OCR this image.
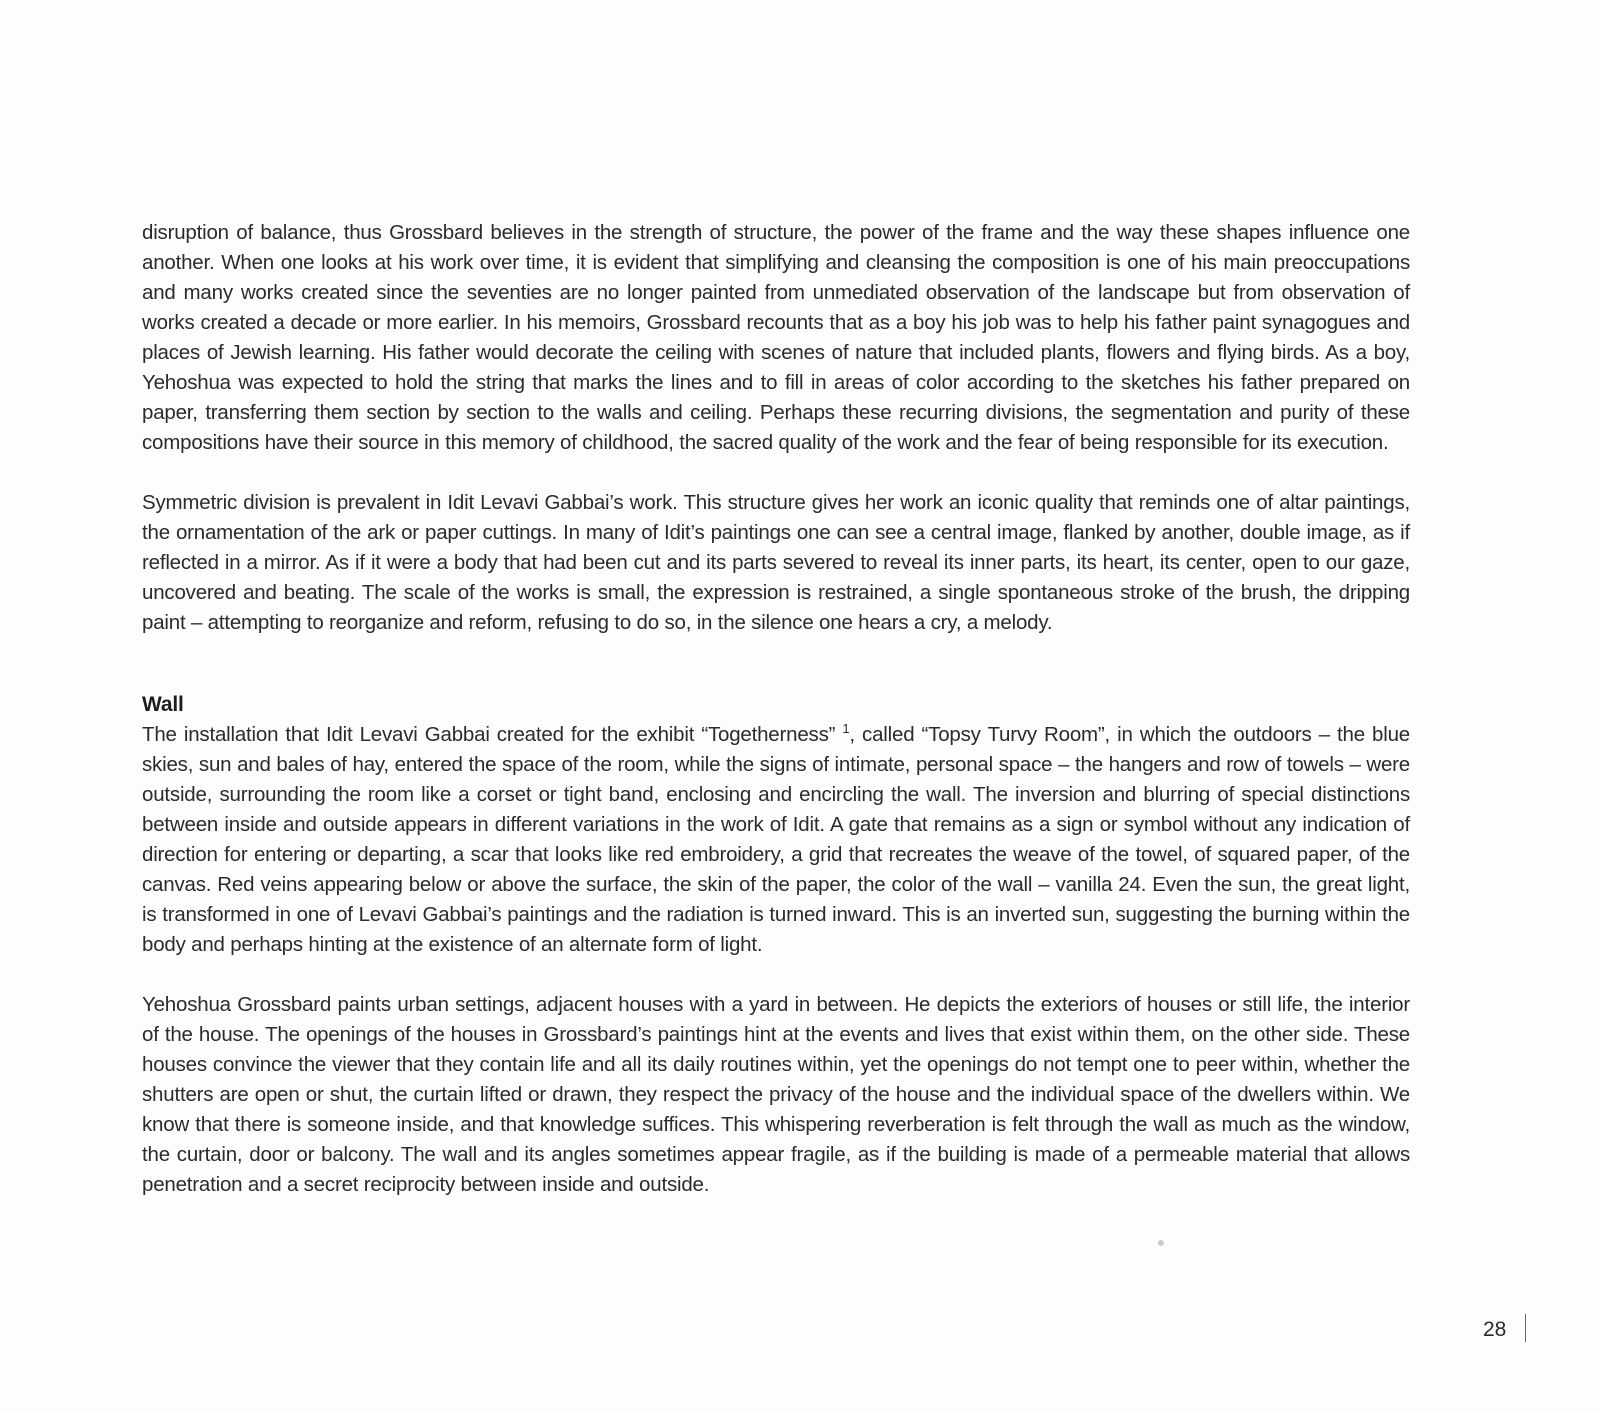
disruption of balance, thus Grossbard believes in the strength of structure, the power of the frame and the way these shapes influence one another. When one looks at his work over time, it is evident that simplifying and cleansing the composition is one of his main preoccupations and many works created since the seventies are no longer painted from unmediated observation of the landscape but from observation of works created a decade or more earlier. In his memoirs, Grossbard recounts that as a boy his job was to help his father paint synagogues and places of Jewish learning. His father would decorate the ceiling with scenes of nature that included plants, flowers and flying birds. As a boy, Yehoshua was expected to hold the string that marks the lines and to fill in areas of color according to the sketches his father prepared on paper, transferring them section by section to the walls and ceiling. Perhaps these recurring divisions, the segmentation and purity of these compositions have their source in this memory of childhood, the sacred quality of the work and the fear of being responsible for its execution.

Symmetric division is prevalent in Idit Levavi Gabbai’s work. This structure gives her work an iconic quality that reminds one of altar paintings, the ornamentation of the ark or paper cuttings. In many of Idit’s paintings one can see a central image, flanked by another, double image, as if reflected in a mirror. As if it were a body that had been cut and its parts severed to reveal its inner parts, its heart, its center, open to our gaze, uncovered and beating. The scale of the works is small, the expression is restrained, a single spontaneous stroke of the brush, the dripping paint – attempting to reorganize and reform, refusing to do so, in the silence one hears a cry, a melody.

Wall

The installation that Idit Levavi Gabbai created for the exhibit “Togetherness” $^1$, called “Topsy Turvy Room”, in which the outdoors – the blue skies, sun and bales of hay, entered the space of the room, while the signs of intimate, personal space – the hangers and row of towels – were outside, surrounding the room like a corset or tight band, enclosing and encircling the wall. The inversion and blurring of special distinctions between inside and outside appears in different variations in the work of Idit. A gate that remains as a sign or symbol without any indication of direction for entering or departing, a scar that looks like red embroidery, a grid that recreates the weave of the towel, of squared paper, of the canvas. Red veins appearing below or above the surface, the skin of the paper, the color of the wall – vanilla 24. Even the sun, the great light, is transformed in one of Levavi Gabbai’s paintings and the radiation is turned inward. This is an inverted sun, suggesting the burning within the body and perhaps hinting at the existence of an alternate form of light.

Yehoshua Grossbard paints urban settings, adjacent houses with a yard in between. He depicts the exteriors of houses or still life, the interior of the house. The openings of the houses in Grossbard’s paintings hint at the events and lives that exist within them, on the other side. These houses convince the viewer that they contain life and all its daily routines within, yet the openings do not tempt one to peer within, whether the shutters are open or shut, the curtain lifted or drawn, they respect the privacy of the house and the individual space of the dwellers within. We know that there is someone inside, and that knowledge suffices. This whispering reverberation is felt through the wall as much as the window, the curtain, door or balcony. The wall and its angles sometimes appear fragile, as if the building is made of a permeable material that allows penetration and a secret reciprocity between inside and outside.

28
